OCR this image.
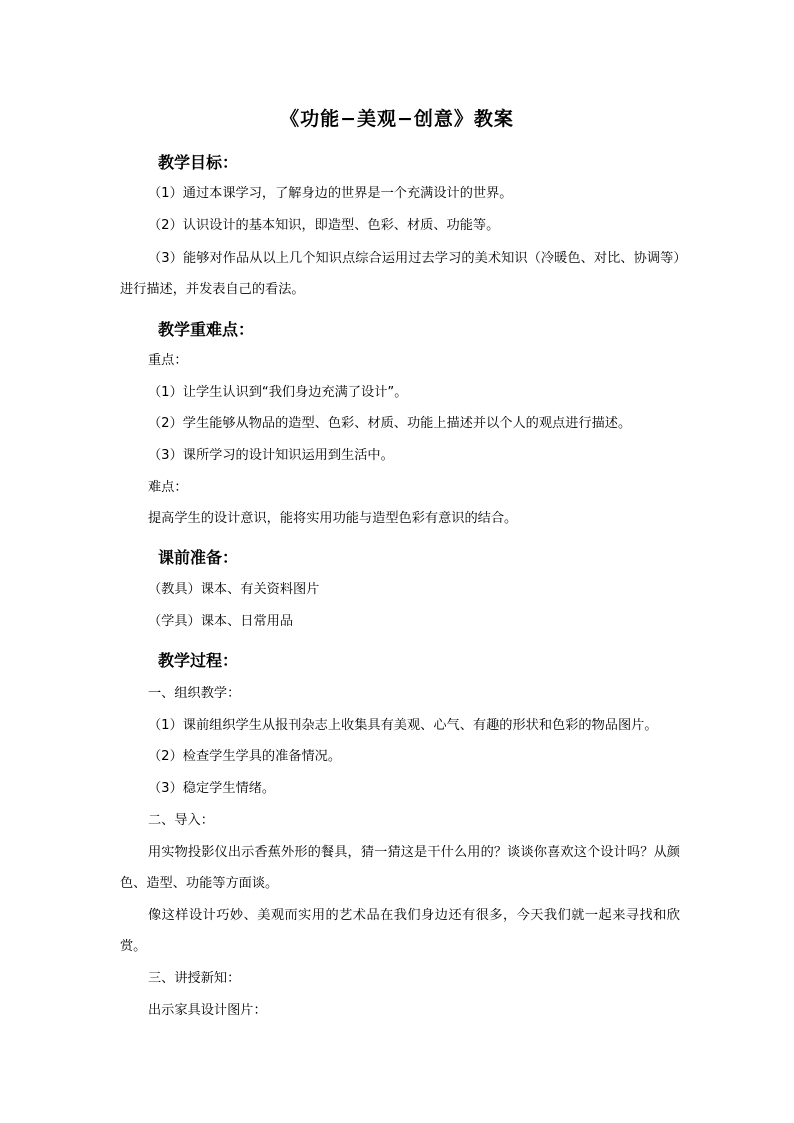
《功能−美观−创意》教案
教学目标：
（1）通过本课学习，了解身边的世界是一个充满设计的世界。
（2）认识设计的基本知识，即造型、色彩、材质、功能等。
（3）能够对作品从以上几个知识点综合运用过去学习的美术知识（冷暖色、对比、协调等）进行描述，并发表自己的看法。
教学重难点：
重点：
（1）让学生认识到“我们身边充满了设计”。
（2）学生能够从物品的造型、色彩、材质、功能上描述并以个人的观点进行描述。
（3）课所学习的设计知识运用到生活中。
难点：
提高学生的设计意识，能将实用功能与造型色彩有意识的结合。
课前准备：
（教具）课本、有关资料图片
（学具）课本、日常用品
教学过程：
一、组织教学：
（1）课前组织学生从报刊杂志上收集具有美观、心气、有趣的形状和色彩的物品图片。
（2）检查学生学具的准备情况。
（3）稳定学生情绪。
二、导入：
用实物投影仪出示香蕉外形的餐具，猜一猜这是干什么用的？谈谈你喜欢这个设计吗？从颜色、造型、功能等方面谈。
像这样设计巧妙、美观而实用的艺术品在我们身边还有很多，今天我们就一起来寻找和欣赏。
三、讲授新知：
出示家具设计图片：
